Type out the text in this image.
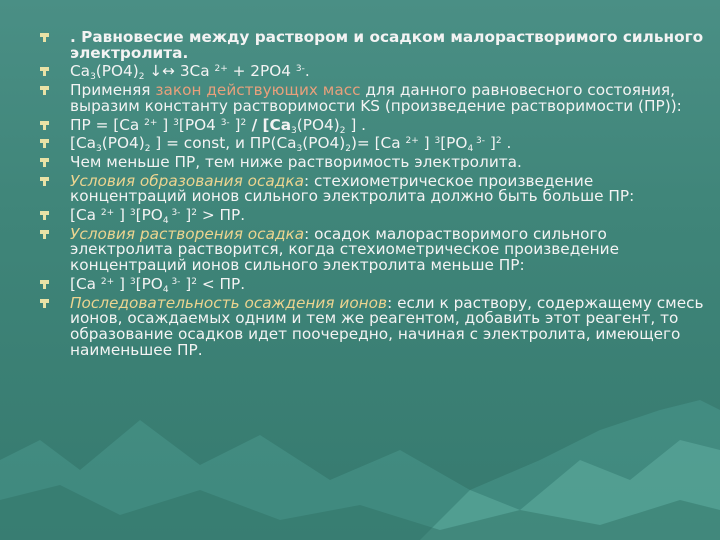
. Равновесие между раствором и осадком малорастворимого сильного электролита.

$Ca_3(PO4)_2$ ↓↔ 3Ca $^{2+}$ + 2PO4 $^{3-}$.

Применяя закон действующих масс для данного равновесного состояния, выразим константу растворимости KS (произведение растворимости (ПР)):

ПР = [Ca $^{2+}$ ] $^3$[PO4 $^{3-}$ ]$^2 / [Ca_3(PO4)_2$ ] .

[$Ca_3(PO4)_2$ ] = const, и $ПР(Ca_3(PO4)_2)= [Ca$ $^{2+}$ ] $^3[PO_4$ $^{3-}$ ]$^2$ .

Чем меньше ПР, тем ниже растворимость электролита.

Условия образования осадка: стехиометрическое произведение концентраций ионов сильного электролита должно быть больше ПР:

[Ca $^{2+}$ ] $^3[PO_4$ $^{3-}$ ]$^2$ > ПР.

Условия растворения осадка: осадок малорастворимого сильного электролита растворится, когда стехиометрическое произведение концентраций ионов сильного электролита меньше ПР:

[Ca $^{2+}$ ] $^3[PO_4$ $^{3-}$ ]$^2$ < ПР.

Последовательность осаждения ионов: если к раствору, содержащему смесь ионов, осаждаемых одним и тем же реагентом, добавить этот реагент, то образование осадков идет поочередно, начиная с электролита, имеющего наименьшее ПР.
